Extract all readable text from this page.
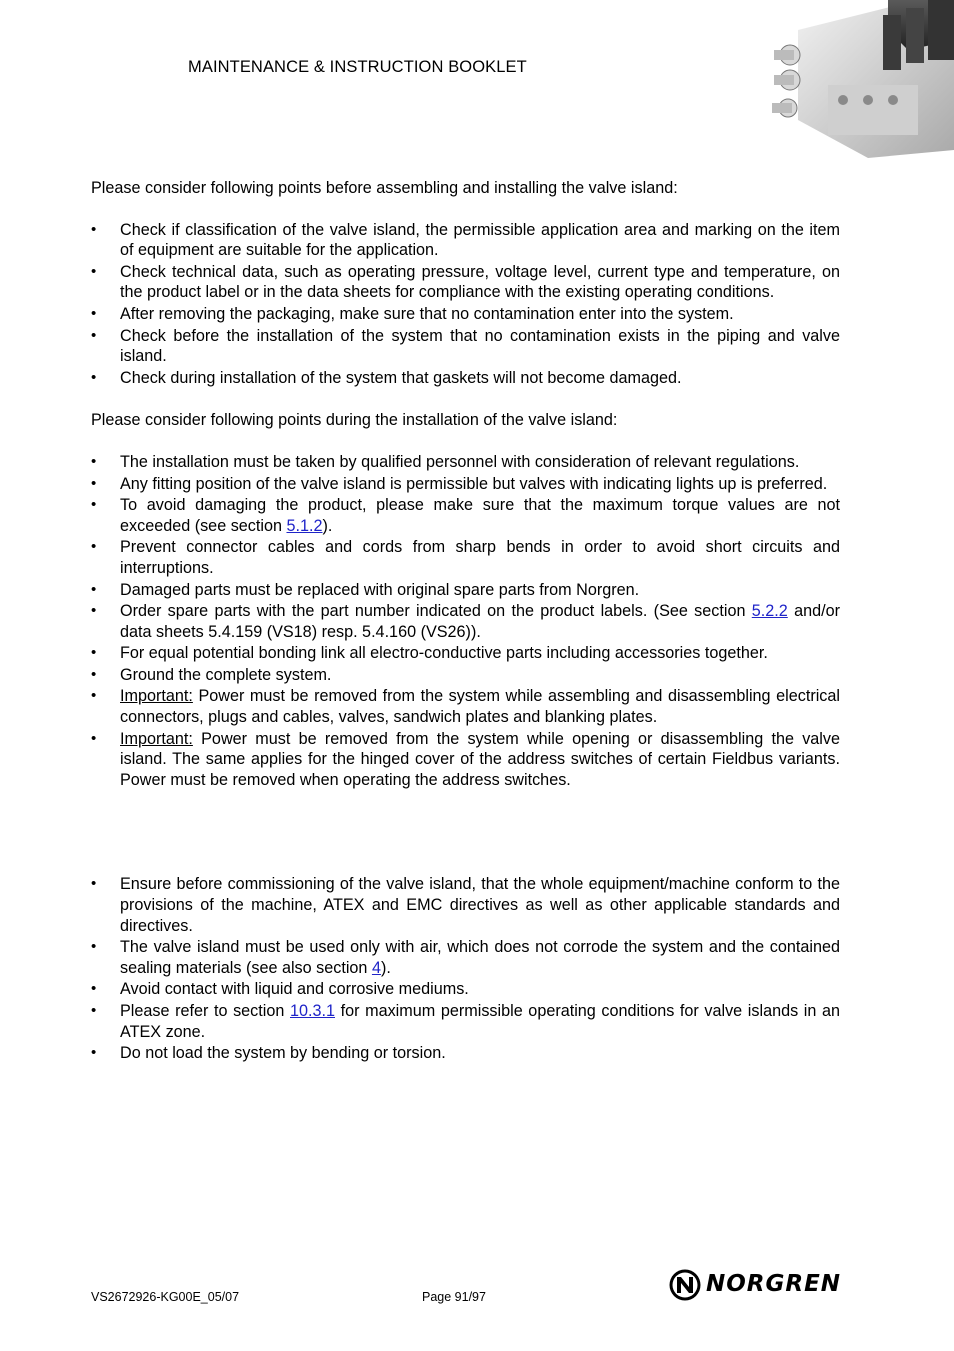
MAINTENANCE & INSTRUCTION BOOKLET

Please consider following points before assembling and installing the valve island:

• Check if classification of the valve island, the permissible application area and marking on the item of equipment are suitable for the application.
• Check technical data, such as operating pressure, voltage level, current type and temperature, on the product label or in the data sheets for compliance with the existing operating conditions.
• After removing the packaging, make sure that no contamination enter into the system.
• Check before the installation of the system that no contamination exists in the piping and valve island.
• Check during installation of the system that gaskets will not become damaged.

Please consider following points during the installation of the valve island:

• The installation must be taken by qualified personnel with consideration of relevant regulations.
• Any fitting position of the valve island is permissible but valves with indicating lights up is preferred.
• To avoid damaging the product, please make sure that the maximum torque values are not exceeded (see section 5.1.2).
• Prevent connector cables and cords from sharp bends in order to avoid short circuits and interruptions.
• Damaged parts must be replaced with original spare parts from Norgren.
• Order spare parts with the part number indicated on the product labels. (See section 5.2.2 and/or data sheets 5.4.159 (VS18) resp. 5.4.160 (VS26)).
• For equal potential bonding link all electro-conductive parts including accessories together.
• Ground the complete system.
• Important: Power must be removed from the system while assembling and disassembling electrical connectors, plugs and cables, valves, sandwich plates and blanking plates.
• Important: Power must be removed from the system while opening or disassembling the valve island. The same applies for the hinged cover of the address switches of certain Fieldbus variants. Power must be removed when operating the address switches.
• Ensure before commissioning of the valve island, that the whole equipment/machine conform to the provisions of the machine, ATEX and EMC directives as well as other applicable standards and directives.
• The valve island must be used only with air, which does not corrode the system and the contained sealing materials (see also section 4).
• Avoid contact with liquid and corrosive mediums.
• Please refer to section 10.3.1 for maximum permissible operating conditions for valve islands in an ATEX zone.
• Do not load the system by bending or torsion.
VS2672926-KG00E_05/07	Page 91/97	NORGREN
